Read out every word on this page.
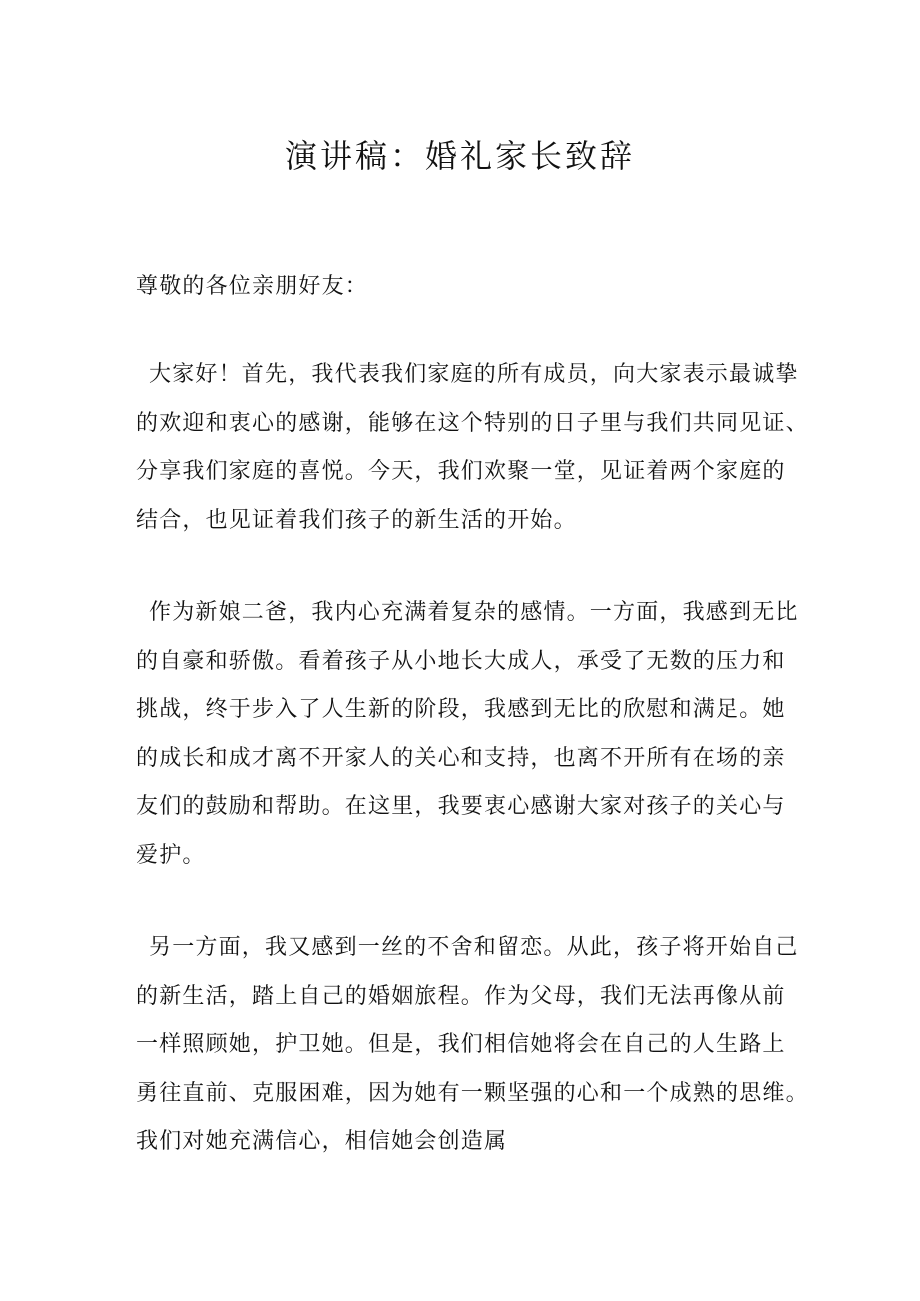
演讲稿：婚礼家长致辞
尊敬的各位亲朋好友：
大家好！首先，我代表我们家庭的所有成员，向大家表示最诚挚
的欢迎和衷心的感谢，能够在这个特别的日子里与我们共同见证、
分享我们家庭的喜悦。今天，我们欢聚一堂，见证着两个家庭的
结合，也见证着我们孩子的新生活的开始。
作为新娘二爸，我内心充满着复杂的感情。一方面，我感到无比
的自豪和骄傲。看着孩子从小地长大成人，承受了无数的压力和
挑战，终于步入了人生新的阶段，我感到无比的欣慰和满足。她
的成长和成才离不开家人的关心和支持，也离不开所有在场的亲
友们的鼓励和帮助。在这里，我要衷心感谢大家对孩子的关心与
爱护。
另一方面，我又感到一丝的不舍和留恋。从此，孩子将开始自己
的新生活，踏上自己的婚姻旅程。作为父母，我们无法再像从前
一样照顾她，护卫她。但是，我们相信她将会在自己的人生路上
勇往直前、克服困难，因为她有一颗坚强的心和一个成熟的思维。
我们对她充满信心，相信她会创造属
